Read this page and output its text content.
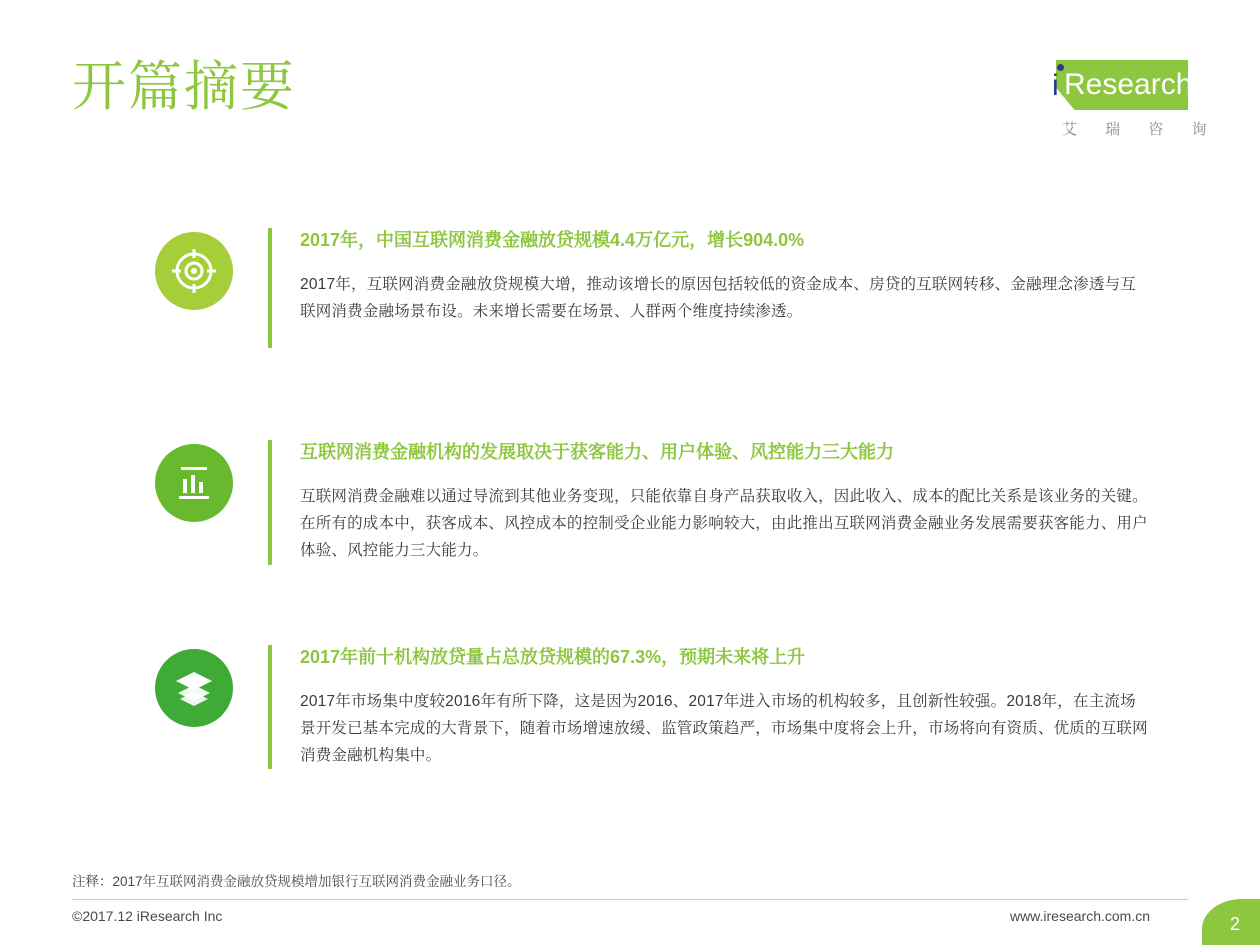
开篇摘要	i Research
艾 瑞 咨 询
2017年，中国互联网消费金融放贷规模4.4万亿元，增长904.0%
2017年，互联网消费金融放贷规模大增，推动该增长的原因包括较低的资金成本、房贷的互联网转移、金融理念渗透与互联网消费金融场景布设。未来增长需要在场景、人群两个维度持续渗透。
互联网消费金融机构的发展取决于获客能力、用户体验、风控能力三大能力
互联网消费金融难以通过导流到其他业务变现，只能依靠自身产品获取收入，因此收入、成本的配比关系是该业务的关键。在所有的成本中，获客成本、风控成本的控制受企业能力影响较大，由此推出互联网消费金融业务发展需要获客能力、用户体验、风控能力三大能力。
2017年前十机构放贷量占总放贷规模的67.3%，预期未来将上升
2017年市场集中度较2016年有所下降，这是因为2016、2017年进入市场的机构较多，且创新性较强。2018年，在主流场景开发已基本完成的大背景下，随着市场增速放缓、监管政策趋严，市场集中度将会上升，市场将向有资质、优质的互联网消费金融机构集中。
注释：2017年互联网消费金融放贷规模增加银行互联网消费金融业务口径。
©2017.12 iResearch Inc	www.iresearch.com.cn	2
